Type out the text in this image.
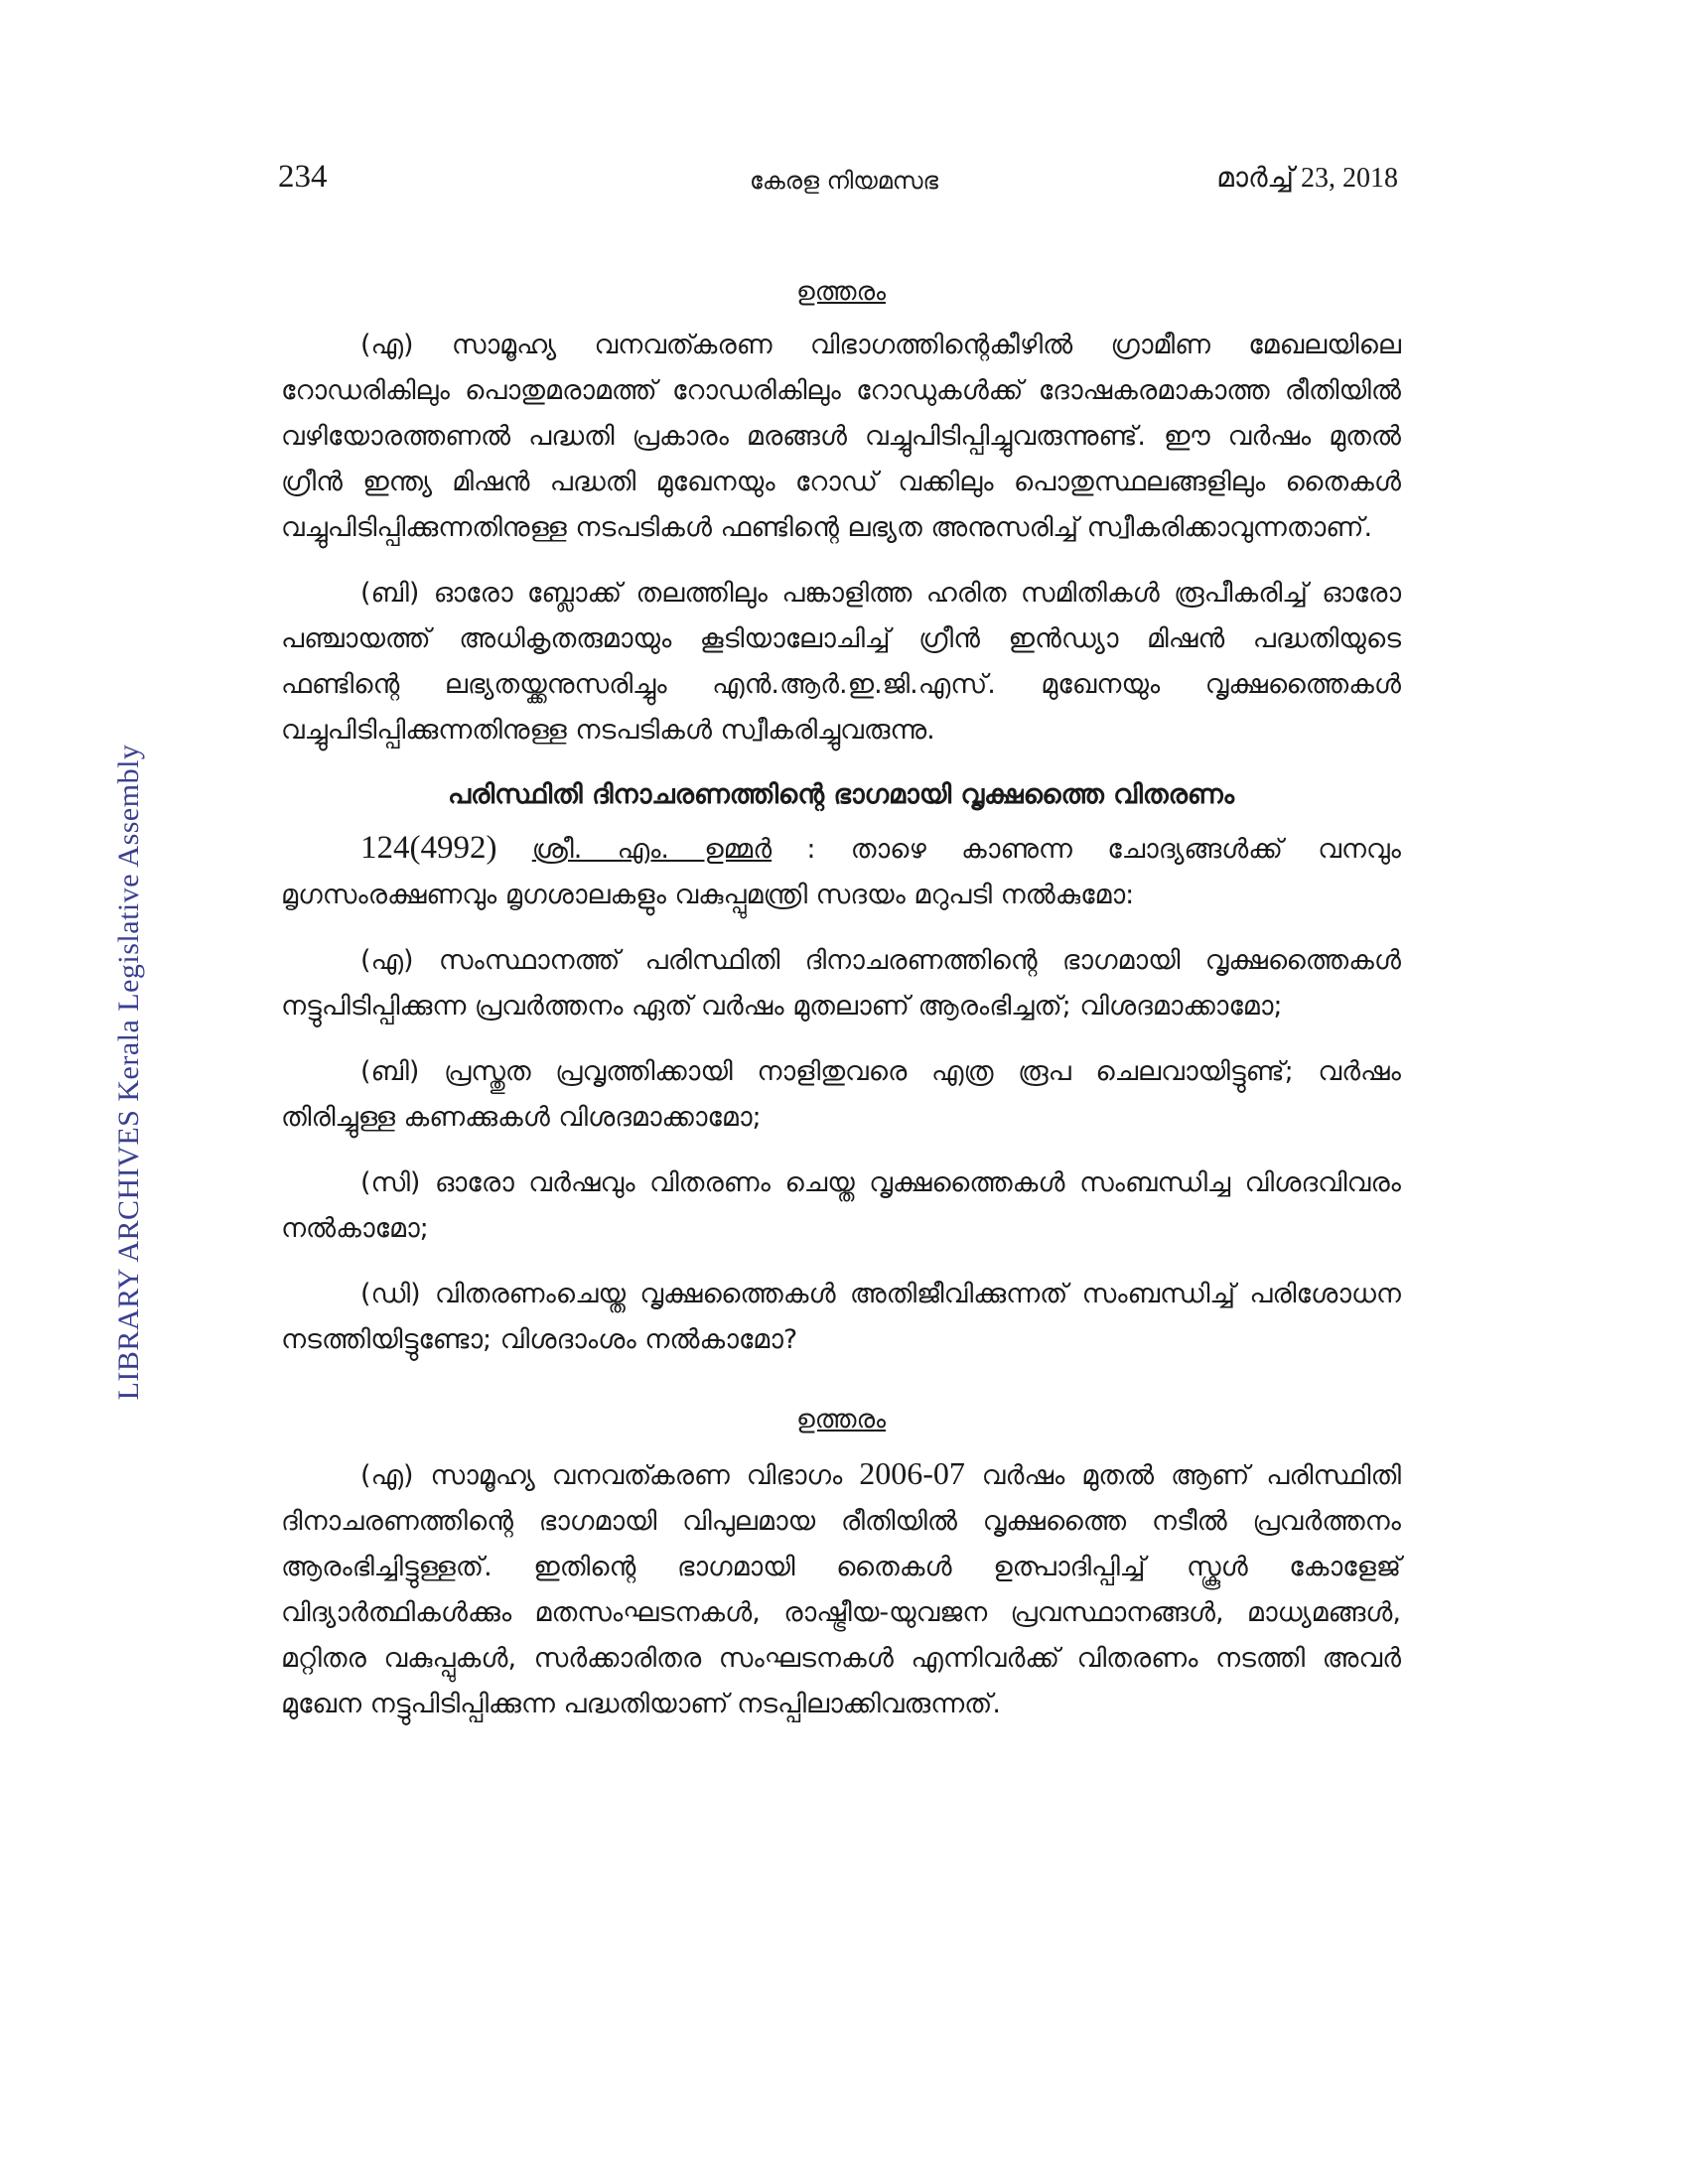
234	കേരള നിയമസഭ	മാർച്ച് 23, 2018
LIBRARY ARCHIVES Kerala Legislative Assembly
ഉത്തരം

(എ) സാമൂഹ്യ വനവത്കരണ വിഭാഗത്തിന്റെകീഴിൽ ഗ്രാമീണ മേഖലയിലെ റോഡരികിലും പൊതുമരാമത്ത് റോഡരികിലും റോഡുകൾക്ക് ദോഷകരമാകാത്ത രീതിയിൽ വഴിയോരത്തണൽ പദ്ധതി പ്രകാരം മരങ്ങൾ വച്ചുപിടിപ്പിച്ചുവരുന്നുണ്ട്. ഈ വർഷം മുതൽ ഗ്രീൻ ഇന്ത്യ മിഷൻ പദ്ധതി മുഖേനയും റോഡ് വക്കിലും പൊതുസ്ഥലങ്ങളിലും തൈകൾ വച്ചുപിടിപ്പിക്കുന്നതിനുള്ള നടപടികൾ ഫണ്ടിന്റെ ലഭ്യത അനുസരിച്ച് സ്വീകരിക്കാവുന്നതാണ്.

(ബി) ഓരോ ബ്ലോക്ക് തലത്തിലും പങ്കാളിത്ത ഹരിത സമിതികൾ രൂപീകരിച്ച് ഓരോ പഞ്ചായത്ത് അധികൃതരുമായും കൂടിയാലോചിച്ച് ഗ്രീൻ ഇൻഡ്യാ മിഷൻ പദ്ധതിയുടെ ഫണ്ടിന്റെ ലഭ്യതയ്ക്കനുസരിച്ചും എൻ.ആർ.ഇ.ജി.എസ്. മുഖേനയും വൃക്ഷത്തൈകൾ വച്ചുപിടിപ്പിക്കുന്നതിനുള്ള നടപടികൾ സ്വീകരിച്ചുവരുന്നു.

പരിസ്ഥിതി ദിനാചരണത്തിന്റെ ഭാഗമായി വൃക്ഷത്തൈ വിതരണം

124(4992) ശ്രീ. എം. ഉമ്മർ : താഴെ കാണുന്ന ചോദ്യങ്ങൾക്ക് വനവും മൃഗസംരക്ഷണവും മൃഗശാലകളും വകുപ്പുമന്ത്രി സദയം മറുപടി നൽകുമോ:

(എ) സംസ്ഥാനത്ത് പരിസ്ഥിതി ദിനാചരണത്തിന്റെ ഭാഗമായി വൃക്ഷത്തൈകൾ നട്ടുപിടിപ്പിക്കുന്ന പ്രവർത്തനം ഏത് വർഷം മുതലാണ് ആരംഭിച്ചത്; വിശദമാക്കാമോ;

(ബി) പ്രസ്തുത പ്രവൃത്തിക്കായി നാളിതുവരെ എത്ര രൂപ ചെലവായിട്ടുണ്ട്; വർഷം തിരിച്ചുള്ള കണക്കുകൾ വിശദമാക്കാമോ;

(സി) ഓരോ വർഷവും വിതരണം ചെയ്ത വൃക്ഷത്തൈകൾ സംബന്ധിച്ച വിശദവിവരം നൽകാമോ;

(ഡി) വിതരണംചെയ്ത വൃക്ഷത്തൈകൾ അതിജീവിക്കുന്നത് സംബന്ധിച്ച് പരിശോധന നടത്തിയിട്ടുണ്ടോ; വിശദാംശം നൽകാമോ?

ഉത്തരം

(എ) സാമൂഹ്യ വനവത്കരണ വിഭാഗം 2006-07 വർഷം മുതൽ ആണ് പരിസ്ഥിതി ദിനാചരണത്തിന്റെ ഭാഗമായി വിപുലമായ രീതിയിൽ വൃക്ഷത്തൈ നടീൽ പ്രവർത്തനം ആരംഭിച്ചിട്ടുള്ളത്. ഇതിന്റെ ഭാഗമായി തൈകൾ ഉത്പാദിപ്പിച്ച് സ്കൂൾ കോളേജ് വിദ്യാർത്ഥികൾക്കും മതസംഘടനകൾ, രാഷ്ട്രീയ-യുവജന പ്രവസ്ഥാനങ്ങൾ, മാധ്യമങ്ങൾ, മറ്റിതര വകുപ്പുകൾ, സർക്കാരിതര സംഘടനകൾ എന്നിവർക്ക് വിതരണം നടത്തി അവർ മുഖേന നട്ടുപിടിപ്പിക്കുന്ന പദ്ധതിയാണ് നടപ്പിലാക്കിവരുന്നത്.
